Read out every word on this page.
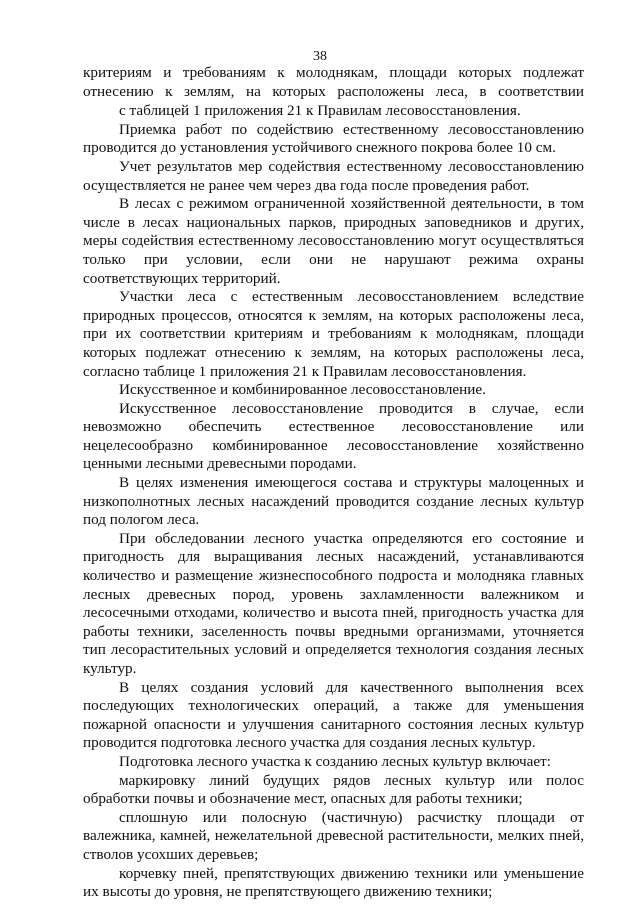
38

критериям и требованиям к молоднякам, площади которых подлежат отнесению к землям, на которых расположены леса, в соответствии

с таблицей 1 приложения 21 к Правилам лесовосстановления.

Приемка работ по содействию естественному лесовосстановлению проводится до установления устойчивого снежного покрова более 10 см.

Учет результатов мер содействия естественному лесовосстановлению осуществляется не ранее чем через два года после проведения работ.

В лесах с режимом ограниченной хозяйственной деятельности, в том числе в лесах национальных парков, природных заповедников и других, меры содействия естественному лесовосстановлению могут осуществляться только при условии, если они не нарушают режима охраны соответствующих территорий.

Участки леса с естественным лесовосстановлением вследствие природных процессов, относятся к землям, на которых расположены леса, при их соответствии критериям и требованиям к молоднякам, площади которых подлежат отнесению к землям, на которых расположены леса, согласно таблице 1 приложения 21 к Правилам лесовосстановления.

Искусственное и комбинированное лесовосстановление.

Искусственное лесовосстановление проводится в случае, если невозможно обеспечить естественное лесовосстановление или нецелесообразно комбинированное лесовосстановление хозяйственно ценными лесными древесными породами.

В целях изменения имеющегося состава и структуры малоценных и низкополнотных лесных насаждений проводится создание лесных культур под пологом леса.

При обследовании лесного участка определяются его состояние и пригодность для выращивания лесных насаждений, устанавливаются количество и размещение жизнеспособного подроста и молодняка главных лесных древесных пород, уровень захламленности валежником и лесосечными отходами, количество и высота пней, пригодность участка для работы техники, заселенность почвы вредными организмами, уточняется тип лесорастительных условий и определяется технология создания лесных культур.

В целях создания условий для качественного выполнения всех последующих технологических операций, а также для уменьшения пожарной опасности и улучшения санитарного состояния лесных культур проводится подготовка лесного участка для создания лесных культур.

Подготовка лесного участка к созданию лесных культур включает:

маркировку линий будущих рядов лесных культур или полос обработки почвы и обозначение мест, опасных для работы техники;

сплошную или полосную (частичную) расчистку площади от валежника, камней, нежелательной древесной растительности, мелких пней, стволов усохших деревьев;

корчевку пней, препятствующих движению техники или уменьшение их высоты до уровня, не препятствующего движению техники;
